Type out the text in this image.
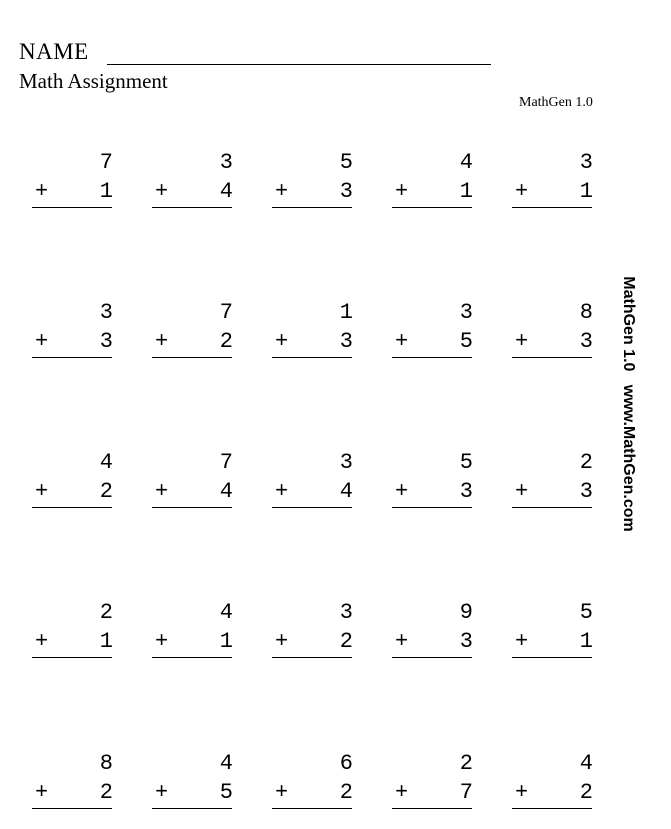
NAME
Math Assignment
MathGen 1.0
MathGen 1.0   www.MathGen.com
7
+ 1
3
+ 4
5
+ 3
4
+ 1
3
+ 1
3
+ 3
7
+ 2
1
+ 3
3
+ 5
8
+ 3
4
+ 2
7
+ 4
3
+ 4
5
+ 3
2
+ 3
2
+ 1
4
+ 1
3
+ 2
9
+ 3
5
+ 1
8
+ 2
4
+ 5
6
+ 2
2
+ 7
4
+ 2
